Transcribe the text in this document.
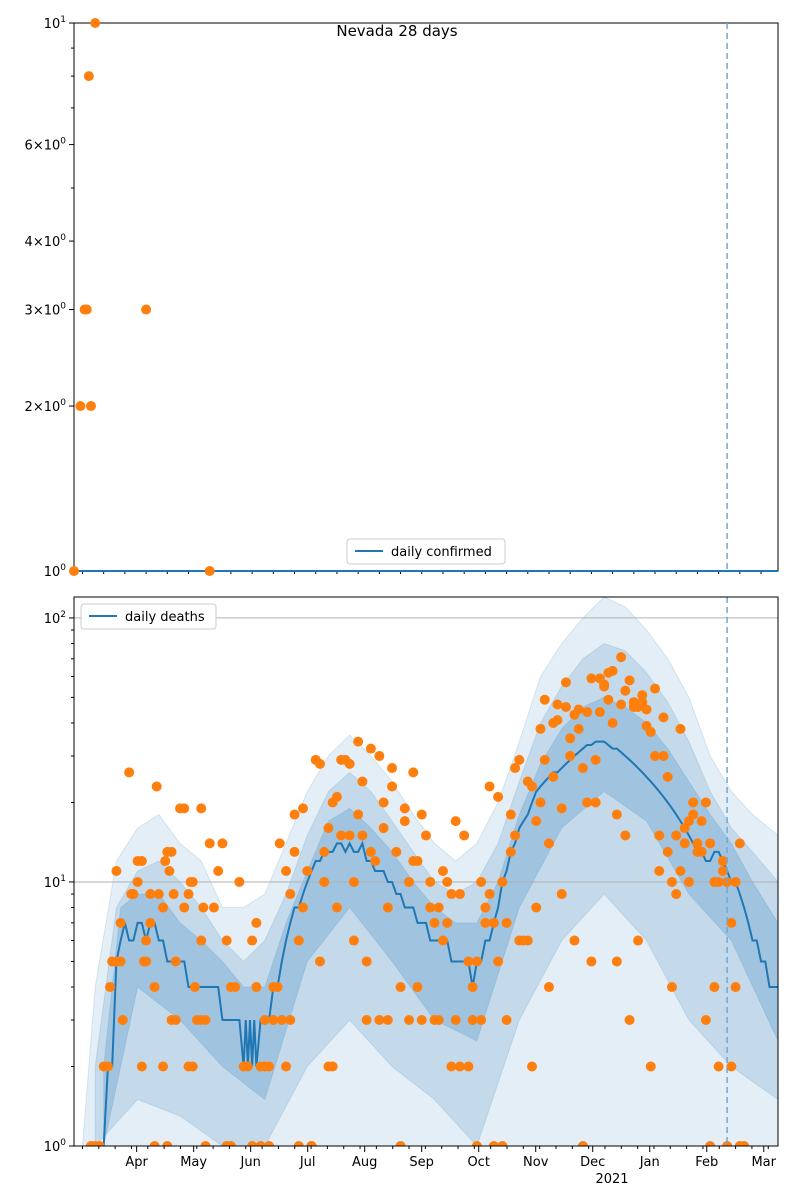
Nevada 28 days
$10^0$
$2\times 10^0$
$3\times 10^0$
$4\times 10^0$
$6\times 10^0$
$10^1$
daily confirmed
$10^0$
$10^1$
$10^2$
Apr May	Jun	Jul	Aug Sep	Oct	Nov Dec	Jan	Feb	Mar
daily deaths
2021
